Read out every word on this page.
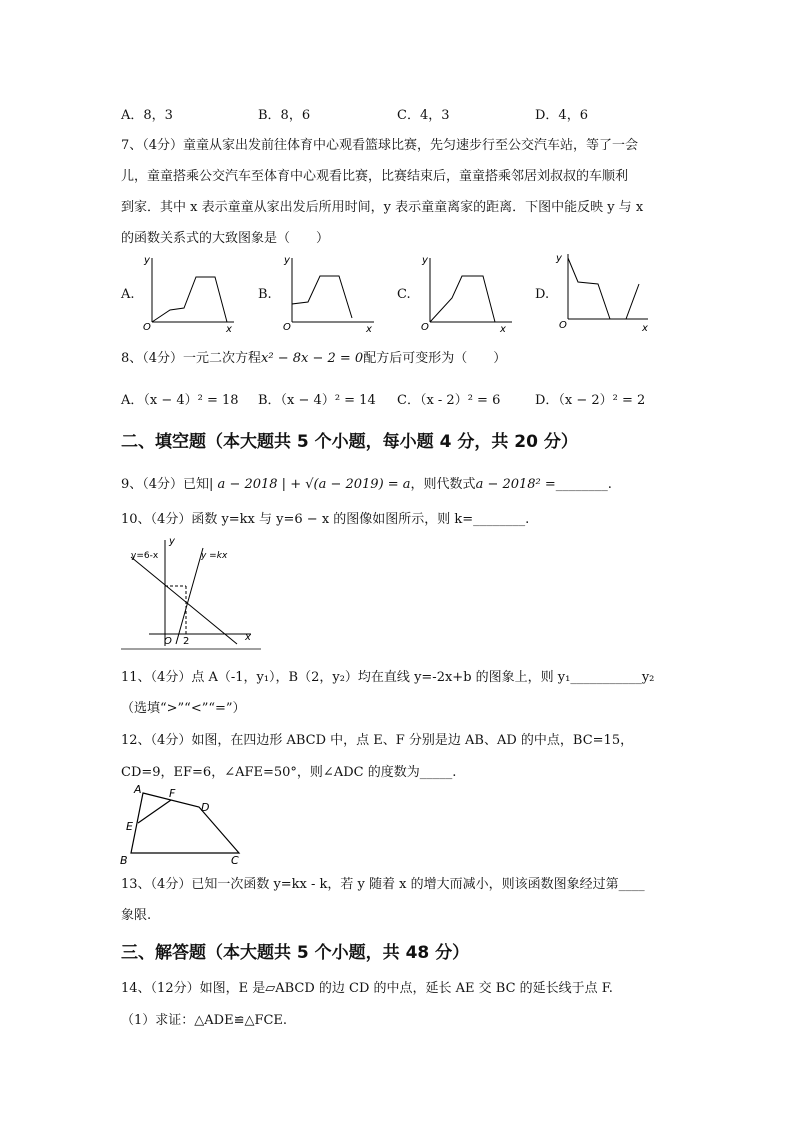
A．8，3	B．8，6	C．4，3	D．4，6
7、（4分）童童从家出发前往体育中心观看篮球比赛，先匀速步行至公交汽车站，等了一会
儿，童童搭乘公交汽车至体育中心观看比赛，比赛结束后，童童搭乘邻居刘叔叔的车顺利
到家．其中 x 表示童童从家出发后所用时间，y 表示童童离家的距离．下图中能反映 y 与 x
的函数关系式的大致图象是（　　）
A.
y
x
O
B.
y
x
O
C.
y
x
O
D.
y
x
O
8、（4分）一元二次方程x² − 8x − 2 = 0配方后可变形为（　　）
A．（x − 4）² = 18 B．（x − 4）² = 14 C．（x - 2）² = 6	D．（x − 2）² = 2
二、填空题（本大题共 5 个小题，每小题 4 分，共 20 分）
9、（4分）已知| a − 2018 | + √(a − 2019) = a，则代数式a − 2018² =________.
10、（4分）函数 y=kx 与 y=6 − x 的图像如图所示，则 k=________.
y=6-x	y =kx
y
x
O 2
11、（4分）点 A（-1，y₁），B（2，y₂）均在直线 y=-2x+b 的图象上，则 y₁___________y₂
（选填“>”“<”“=”）
12、（4分）如图，在四边形 ABCD 中，点 E、F 分别是边 AB、AD 的中点，BC=15，
CD=9，EF=6，∠AFE=50°，则∠ADC 的度数为_____.
A F
D
E
B	C
13、（4分）已知一次函数 y=kx - k，若 y 随着 x 的增大而减小，则该函数图象经过第____
象限.
三、解答题（本大题共 5 个小题，共 48 分）
14、（12分）如图，E 是▱ABCD 的边 CD 的中点，延长 AE 交 BC 的延长线于点 F.
（1）求证：△ADE≌△FCE.
